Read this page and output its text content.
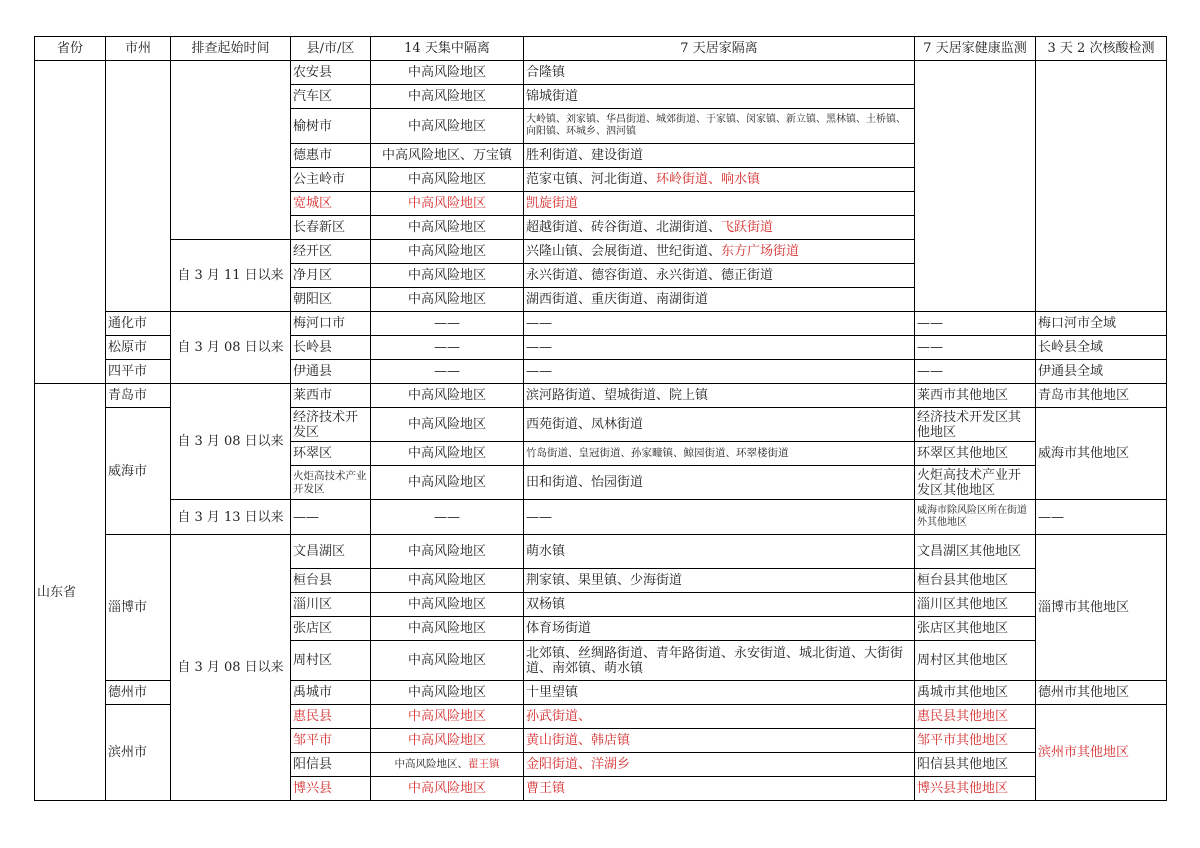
省份	市州	排查起始时间	县/市/区	14 天集中隔离	7 天居家隔离	7 天居家健康监测	3 天 2 次核酸检测
			农安县	中高风险地区	合隆镇		
			汽车区	中高风险地区	锦城街道		
			榆树市	中高风险地区	大岭镇、刘家镇、华昌街道、城郊街道、于家镇、闵家镇、新立镇、黑林镇、土桥镇、向阳镇、环城乡、泗河镇		
			德惠市	中高风险地区、万宝镇	胜利街道、建设街道		
			公主岭市	中高风险地区	范家屯镇、河北街道、环岭街道、响水镇		
			宽城区	中高风险地区	凯旋街道		
			长春新区	中高风险地区	超越街道、砖谷街道、北湖街道、飞跃街道		
		自 3 月 11 日以来	经开区	中高风险地区	兴隆山镇、会展街道、世纪街道、东方广场街道		
			净月区	中高风险地区	永兴街道、德容街道、永兴街道、德正街道		
			朝阳区	中高风险地区	湖西街道、重庆街道、南湖街道		
	通化市	自 3 月 08 日以来	梅河口市	——	——	——	梅口河市全域
	松原市		长岭县	——	——	——	长岭县全域
	四平市		伊通县	——	——	——	伊通县全域
山东省	青岛市	自 3 月 08 日以来	莱西市	中高风险地区	滨河路街道、望城街道、院上镇	莱西市其他地区	青岛市其他地区
	威海市		经济技术开发区	中高风险地区	西苑街道、凤林街道	经济技术开发区其他地区	威海市其他地区
			环翠区	中高风险地区	竹岛街道、皇冠街道、孙家疃镇、鲸园街道、环翠楼街道	环翠区其他地区	
			火炬高技术产业开发区	中高风险地区	田和街道、怡园街道	火炬高技术产业开发区其他地区	
		自 3 月 13 日以来	——	——	——	威海市除风险区所在街道外其他地区	——
	淄博市	自 3 月 08 日以来	文昌湖区	中高风险地区	萌水镇	文昌湖区其他地区	淄博市其他地区
			桓台县	中高风险地区	荆家镇、果里镇、少海街道	桓台县其他地区	
			淄川区	中高风险地区	双杨镇	淄川区其他地区	
			张店区	中高风险地区	体育场街道	张店区其他地区	
			周村区	中高风险地区	北郊镇、丝绸路街道、青年路街道、永安街道、城北街道、大街街道、南郊镇、萌水镇	周村区其他地区	
	德州市		禹城市	中高风险地区	十里望镇	禹城市其他地区	德州市其他地区
	滨州市		惠民县	中高风险地区	孙武街道、	惠民县其他地区	滨州市其他地区
			邹平市	中高风险地区	黄山街道、韩店镇	邹平市其他地区	
			阳信县	中高风险地区、翟王镇	金阳街道、洋湖乡	阳信县其他地区	
			博兴县	中高风险地区	曹王镇	博兴县其他地区	
